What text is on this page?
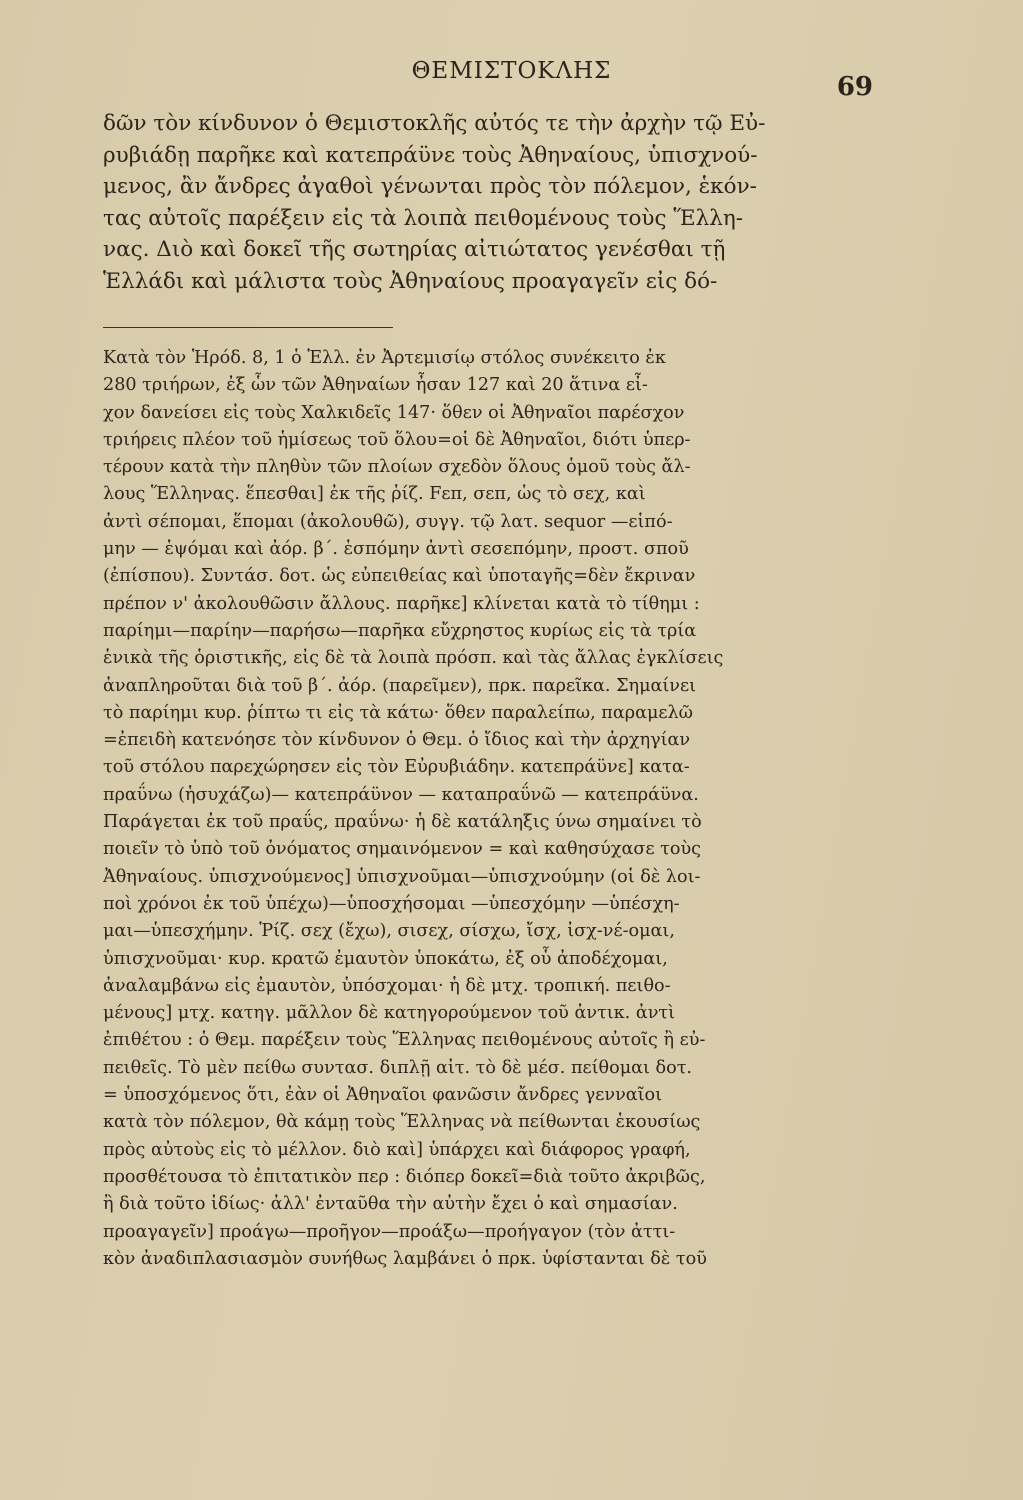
ΘΕΜΙΣΤΟΚΛΗΣ
69
δῶν τὸν κίνδυνον ὁ Θεμιστοκλῆς αὐτός τε τὴν ἀρχὴν τῷ Εὐ-
ρυβιάδῃ παρῆκε καὶ κατεπράϋνε τοὺς Ἀθηναίους, ὑπισχνού-
μενος, ἂν ἄνδρες ἀγαθοὶ γένωνται πρὸς τὸν πόλεμον, ἑκόν-
τας αὐτοῖς παρέξειν εἰς τὰ λοιπὰ πειθομένους τοὺς Ἕλλη-
νας. Διὸ καὶ δοκεῖ τῆς σωτηρίας αἰτιώτατος γενέσθαι τῇ
Ἑλλάδι καὶ μάλιστα τοὺς Ἀθηναίους προαγαγεῖν εἰς δό-
Κατὰ τὸν Ἡρόδ. 8, 1 ὁ Ἑλλ. ἐν Ἀρτεμισίῳ στόλος συνέκειτο ἐκ
280 τριήρων, ἐξ ὧν τῶν Ἀθηναίων ἦσαν 127 καὶ 20 ἅτινα εἶ-
χον δανείσει εἰς τοὺς Χαλκιδεῖς 147· ὅθεν οἱ Ἀθηναῖοι παρέσχον
τριήρεις πλέον τοῦ ἡμίσεως τοῦ ὅλου=οἱ δὲ Ἀθηναῖοι, διότι ὑπερ-
τέρουν κατὰ τὴν πληθὺν τῶν πλοίων σχεδὸν ὅλους ὁμοῦ τοὺς ἄλ-
λους Ἕλληνας. ἕπεσθαι] ἐκ τῆς ῥίζ. Fεπ, σεπ, ὡς τὸ σεχ, καὶ
ἀντὶ σέπομαι, ἕπομαι (ἀκολουθῶ), συγγ. τῷ λατ. sequor —εἱπό-
μην — ἑψόμαι καὶ ἀόρ. β΄. ἑσπόμην ἀντὶ σεσεπόμην, προστ. σποῦ
(ἐπίσπου). Συντάσ. δοτ. ὡς εὐπειθείας καὶ ὑποταγῆς=δὲν ἔκριναν
πρέπον ν' ἀκολουθῶσιν ἄλλους. παρῆκε] κλίνεται κατὰ τὸ τίθημι :
παρίημι—παρίην—παρήσω—παρῆκα εὔχρηστος κυρίως εἰς τὰ τρία
ἑνικὰ τῆς ὁριστικῆς, εἰς δὲ τὰ λοιπὰ πρόσπ. καὶ τὰς ἄλλας ἐγκλίσεις
ἀναπληροῦται διὰ τοῦ β΄. ἀόρ. (παρεῖμεν), πρκ. παρεῖκα. Σημαίνει
τὸ παρίημι κυρ. ῥίπτω τι εἰς τὰ κάτω· ὅθεν παραλείπω, παραμελῶ
=ἐπειδὴ κατενόησε τὸν κίνδυνον ὁ Θεμ. ὁ ἴδιος καὶ τὴν ἀρχηγίαν
τοῦ στόλου παρεχώρησεν εἰς τὸν Εὐρυβιάδην. κατεπράϋνε] κατα-
πραΰνω (ἡσυχάζω)— κατεπράϋνον — καταπραΰνῶ — κατεπράϋνα.
Παράγεται ἐκ τοῦ πραΰς, πραΰνω· ἡ δὲ κατάληξις ύνω σημαίνει τὸ
ποιεῖν τὸ ὑπὸ τοῦ ὀνόματος σημαινόμενον = καὶ καθησύχασε τοὺς
Ἀθηναίους. ὑπισχνούμενος] ὑπισχνοῦμαι—ὑπισχνούμην (οἱ δὲ λοι-
ποὶ χρόνοι ἐκ τοῦ ὑπέχω)—ὑποσχήσομαι —ὑπεσχόμην —ὑπέσχη-
μαι—ὑπεσχήμην. Ῥίζ. σεχ (ἔχω), σισεχ, σίσχω, ἴσχ, ἰσχ-νέ-ομαι,
ὑπισχνοῦμαι· κυρ. κρατῶ ἐμαυτὸν ὑποκάτω, ἐξ οὗ ἀποδέχομαι,
ἀναλαμβάνω εἰς ἐμαυτὸν, ὑπόσχομαι· ἡ δὲ μτχ. τροπική. πειθο-
μένους] μτχ. κατηγ. μᾶλλον δὲ κατηγορούμενον τοῦ ἀντικ. ἀντὶ
ἐπιθέτου : ὁ Θεμ. παρέξειν τοὺς Ἕλληνας πειθομένους αὐτοῖς ἢ εὐ-
πειθεῖς. Τὸ μὲν πείθω συντασ. διπλῇ αἰτ. τὸ δὲ μέσ. πείθομαι δοτ.
= ὑποσχόμενος ὅτι, ἐὰν οἱ Ἀθηναῖοι φανῶσιν ἄνδρες γενναῖοι
κατὰ τὸν πόλεμον, θὰ κάμῃ τοὺς Ἕλληνας νὰ πείθωνται ἑκουσίως
πρὸς αὐτοὺς εἰς τὸ μέλλον. διὸ καὶ] ὑπάρχει καὶ διάφορος γραφή,
προσθέτουσα τὸ ἐπιτατικὸν περ : διόπερ δοκεῖ=διὰ τοῦτο ἀκριβῶς,
ἢ διὰ τοῦτο ἰδίως· ἀλλ' ἐνταῦθα τὴν αὐτὴν ἔχει ὁ καὶ σημασίαν.
προαγαγεῖν] προάγω—προῆγον—προάξω—προήγαγον (τὸν ἀττι-
κὸν ἀναδιπλασιασμὸν συνήθως λαμβάνει ὁ πρκ. ὑφίστανται δὲ τοῦ
